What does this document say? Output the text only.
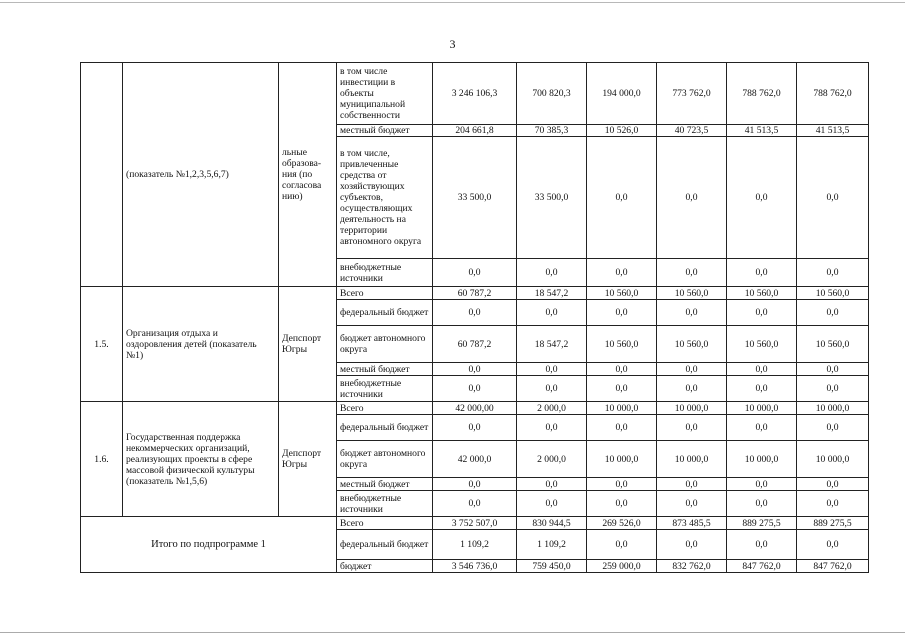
3
	(показатель №1,2,3,5,6,7)	льные образова-ния (по согласова нию)	в том числе инвестиции в объекты муниципальной собственности	3 246 106,3	700 820,3	194 000,0	773 762,0	788 762,0	788 762,0
			местный бюджет	204 661,8	70 385,3	10 526,0	40 723,5	41 513,5	41 513,5
			в том числе, привлеченные средства от хозяйствующих субъектов, осуществляющих деятельность на территории автономного округа	33 500,0	33 500,0	0,0	0,0	0,0	0,0
			внебюджетные источники	0,0	0,0	0,0	0,0	0,0	0,0
1.5.	Организация отдыха и оздоровления детей (показатель №1)	Депспорт Югры	Всего	60 787,2	18 547,2	10 560,0	10 560,0	10 560,0	10 560,0
			федеральный бюджет	0,0	0,0	0,0	0,0	0,0	0,0
			бюджет автономного округа	60 787,2	18 547,2	10 560,0	10 560,0	10 560,0	10 560,0
			местный бюджет	0,0	0,0	0,0	0,0	0,0	0,0
			внебюджетные источники	0,0	0,0	0,0	0,0	0,0	0,0
1.6.	Государственная поддержка некоммерческих организаций, реализующих проекты в сфере массовой физической культуры (показатель №1,5,6)	Депспорт Югры	Всего	42 000,00	2 000,0	10 000,0	10 000,0	10 000,0	10 000,0
			федеральный бюджет	0,0	0,0	0,0	0,0	0,0	0,0
			бюджет автономного округа	42 000,0	2 000,0	10 000,0	10 000,0	10 000,0	10 000,0
			местный бюджет	0,0	0,0	0,0	0,0	0,0	0,0
			внебюджетные источники	0,0	0,0	0,0	0,0	0,0	0,0
Итого по подпрограмме 1			Всего	3 752 507,0	830 944,5	269 526,0	873 485,5	889 275,5	889 275,5
			федеральный бюджет	1 109,2	1 109,2	0,0	0,0	0,0	0,0
			бюджет	3 546 736,0	759 450,0	259 000,0	832 762,0	847 762,0	847 762,0
